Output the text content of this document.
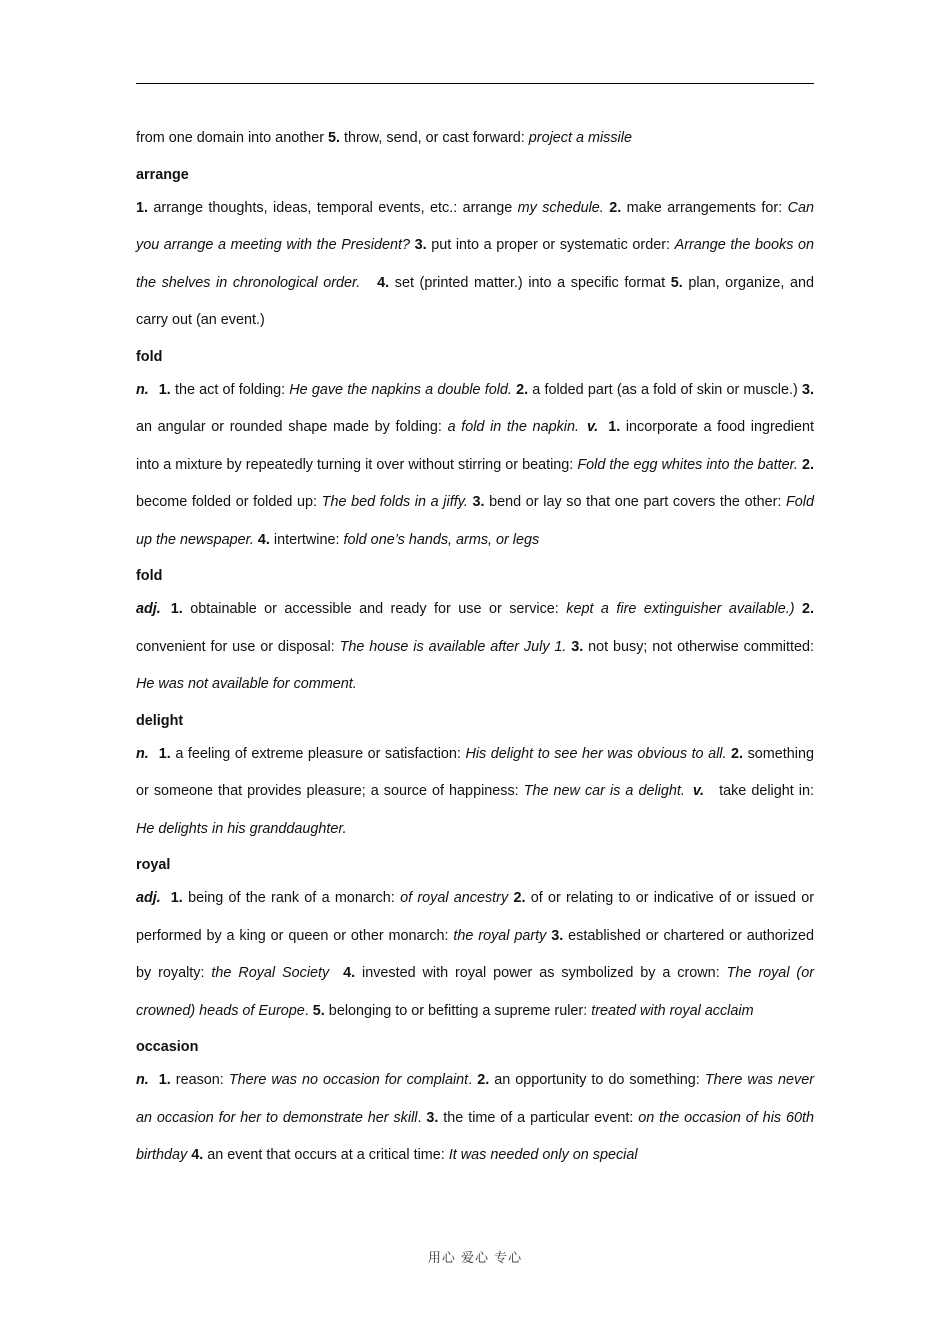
from one domain into another 5. throw, send, or cast forward: project a missile

arrange

1. arrange thoughts, ideas, temporal events, etc.: arrange my schedule. 2. make arrangements for: Can you arrange a meeting with the President? 3. put into a proper or systematic order: Arrange the books on the shelves in chronological order. 4. set (printed matter.) into a specific format 5. plan, organize, and carry out (an event.)

fold

n. 1. the act of folding: He gave the napkins a double fold. 2. a folded part (as a fold of skin or muscle.) 3. an angular or rounded shape made by folding: a fold in the napkin. v. 1. incorporate a food ingredient into a mixture by repeatedly turning it over without stirring or beating: Fold the egg whites into the batter. 2. become folded or folded up: The bed folds in a jiffy. 3. bend or lay so that one part covers the other: Fold up the newspaper. 4. intertwine: fold one’s hands, arms, or legs

fold

adj. 1. obtainable or accessible and ready for use or service: kept a fire extinguisher available.) 2. convenient for use or disposal: The house is available after July 1. 3. not busy; not otherwise committed: He was not available for comment.

delight

n. 1. a feeling of extreme pleasure or satisfaction: His delight to see her was obvious to all. 2. something or someone that provides pleasure; a source of happiness: The new car is a delight. v. take delight in: He delights in his granddaughter.

royal

adj. 1. being of the rank of a monarch: of royal ancestry 2. of or relating to or indicative of or issued or performed by a king or queen or other monarch: the royal party 3. established or chartered or authorized by royalty: the Royal Society 4. invested with royal power as symbolized by a crown: The royal (or crowned) heads of Europe. 5. belonging to or befitting a supreme ruler: treated with royal acclaim

occasion

n. 1. reason: There was no occasion for complaint. 2. an opportunity to do something: There was never an occasion for her to demonstrate her skill. 3. the time of a particular event: on the occasion of his 60th birthday 4. an event that occurs at a critical time: It was needed only on special

用心 爱心 专心
